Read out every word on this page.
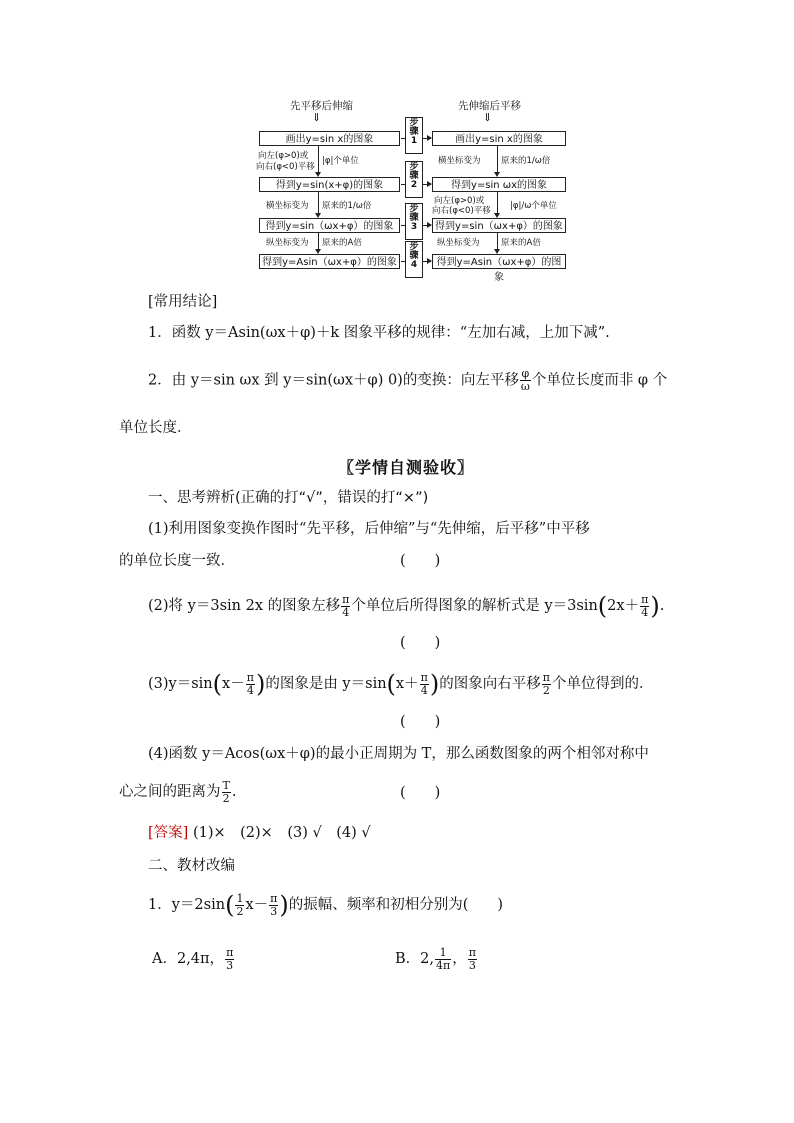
先平移后伸缩	先伸缩后平移
⇓	⇓
画出y=sin x的图象
得到y=sin(x+φ)的图象
得到y=sin（ωx+φ）的图象
得到y=Asin（ωx+φ）的图象
画出y=sin x的图象
得到y=sin ωx的图象
得到y=sin（ωx+φ）的图象
得到y=Asin（ωx+φ）的图象
步
骤
1
步
骤
2
步
骤
3
步
骤
4
向左(φ>0)或
向右(φ<0)平移
|φ|个单位
横坐标变为 原来的1/ω倍
纵坐标变为 原来的A倍
横坐标变为 原来的1/ω倍
向左(φ>0)或
向右(φ<0)平移 |φ|/ω个单位
纵坐标变为	原来的A倍
[常用结论]
1．函数 y＝Asin(ωx＋φ)＋k 图象平移的规律：“左加右减，上加下减”.
2．由 y＝sin ωx 到 y＝sin(ωx＋φ) 0)的变换：向左平移 $\frac{\varphi}{\omega}$ 个单位长度而非 φ 个
单位长度．
〖学情自测验收〗
一、思考辨析(正确的打“√”，错误的打“×”)
(1)利用图象变换作图时“先平移，后伸缩”与“先伸缩，后平移”中平移
的单位长度一致．	(　　)
(2)将 y＝3sin 2x 的图象左移 $\frac{\pi}{4}$ 个单位后所得图象的解析式是 $y=3\sin(2x+ \frac{\pi}{4}$ ).
(　　)
$(3)y=\sin(x- \frac{\pi}{4}$ )的图象是由 $y=\sin(x+ \frac{\pi}{4}$ )的图象向右平移 $\frac{\pi}{2}$ 个单位得到的．
(　　)
(4)函数 y＝Acos(ωx＋φ)的最小正周期为 T，那么函数图象的两个相邻对称中
心之间的距离为 $\frac{T}{2}$ .	(　　)
[答案] (1)×　(2)×　(3) √　(4) √
二、教材改编
1．$y=2\sin( \frac{1}{2} x- \frac{\pi}{3}$ )的振幅、频率和初相分别为(　　)
A．2,4π， $\frac{\pi}{3}$	B．2, $\frac{1}{4\pi}$ ， $\frac{\pi}{3}$
